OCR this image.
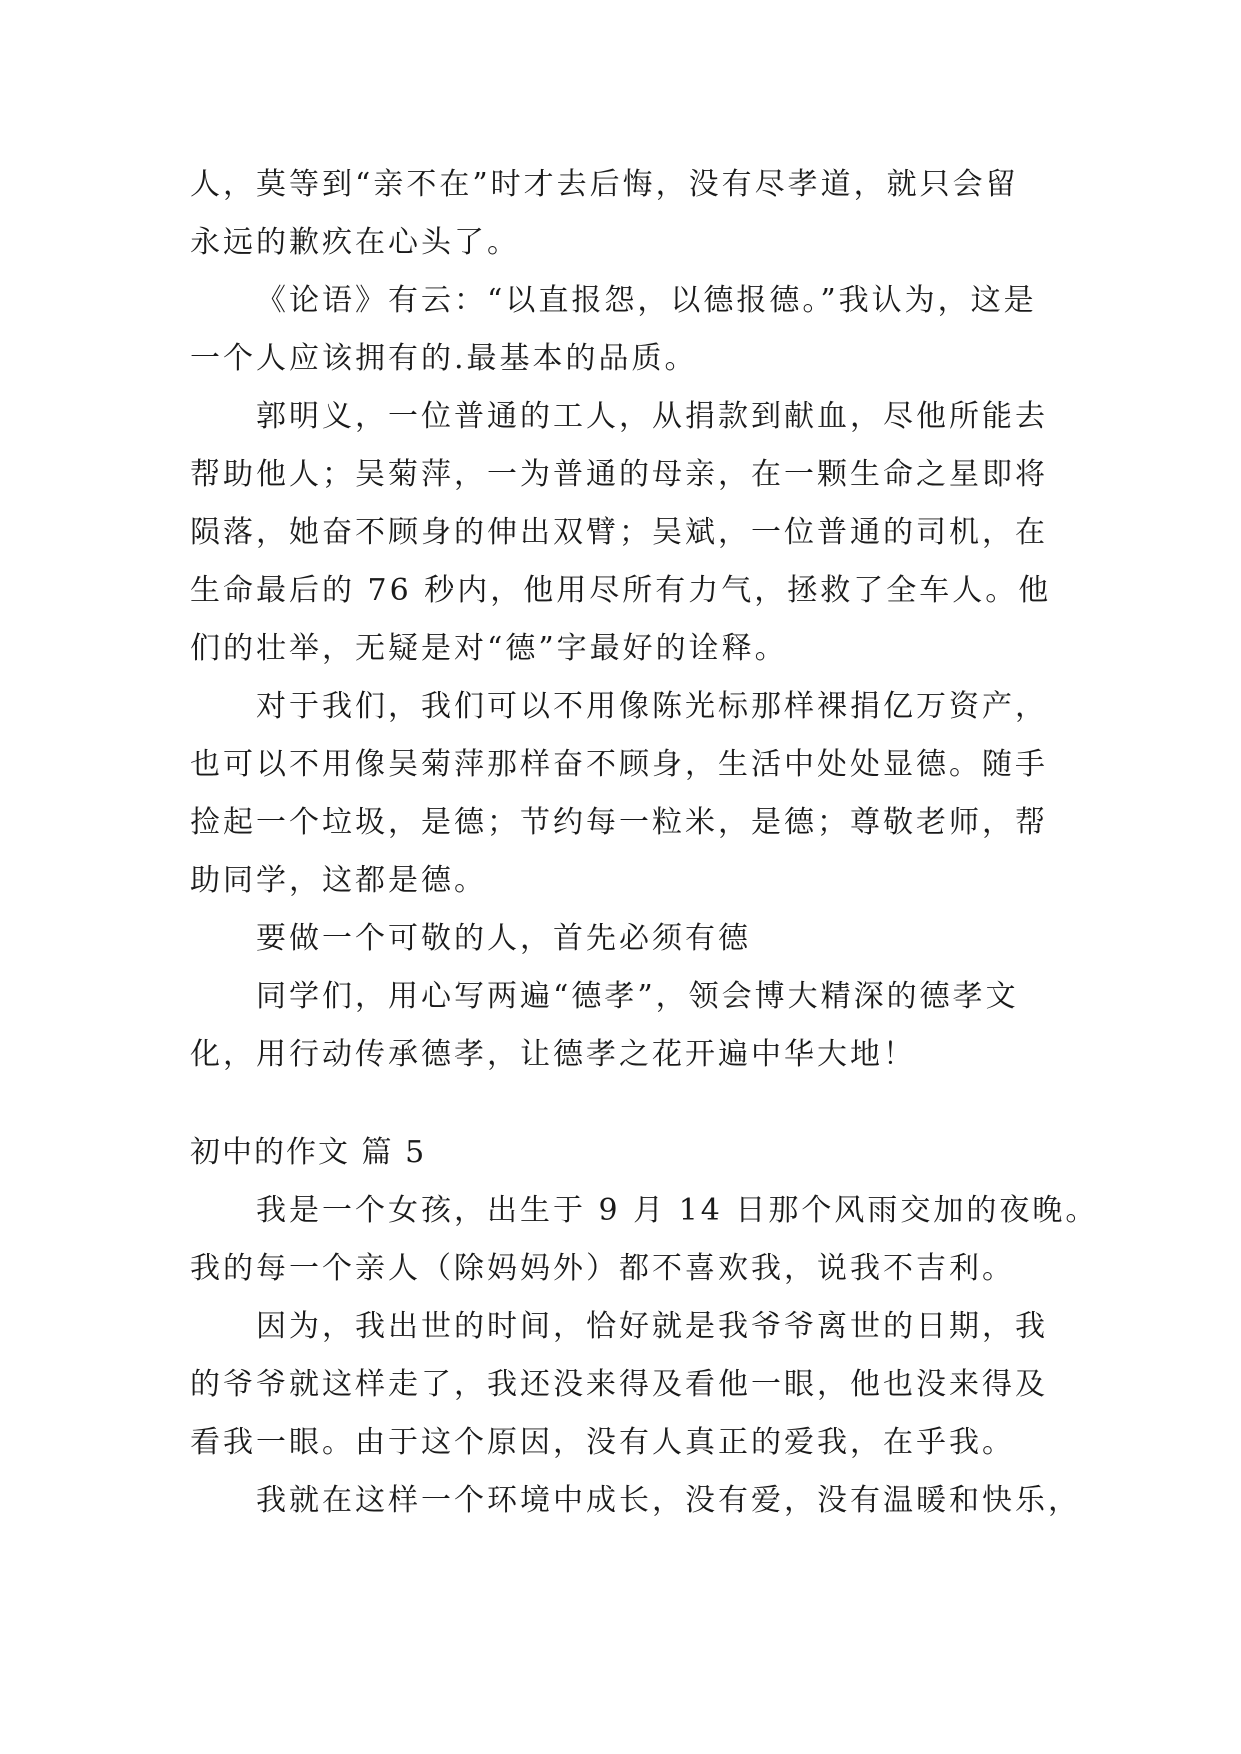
人，莫等到“亲不在”时才去后悔，没有尽孝道，就只会留
永远的歉疚在心头了。

《论语》有云：“以直报怨，以德报德。”我认为，这是
一个人应该拥有的.最基本的品质。

郭明义，一位普通的工人，从捐款到献血，尽他所能去
帮助他人；吴菊萍，一为普通的母亲，在一颗生命之星即将
陨落，她奋不顾身的伸出双臂；吴斌，一位普通的司机，在
生命最后的 76 秒内，他用尽所有力气，拯救了全车人。他
们的壮举，无疑是对“德”字最好的诠释。

对于我们，我们可以不用像陈光标那样裸捐亿万资产，
也可以不用像吴菊萍那样奋不顾身，生活中处处显德。随手
捡起一个垃圾，是德；节约每一粒米，是德；尊敬老师，帮
助同学，这都是德。

要做一个可敬的人，首先必须有德

同学们，用心写两遍“德孝”，领会博大精深的德孝文
化，用行动传承德孝，让德孝之花开遍中华大地！

初中的作文 篇 5

我是一个女孩，出生于 9 月 14 日那个风雨交加的夜晚。
我的每一个亲人（除妈妈外）都不喜欢我，说我不吉利。

因为，我出世的时间，恰好就是我爷爷离世的日期，我
的爷爷就这样走了，我还没来得及看他一眼，他也没来得及
看我一眼。由于这个原因，没有人真正的爱我，在乎我。

我就在这样一个环境中成长，没有爱，没有温暖和快乐，
